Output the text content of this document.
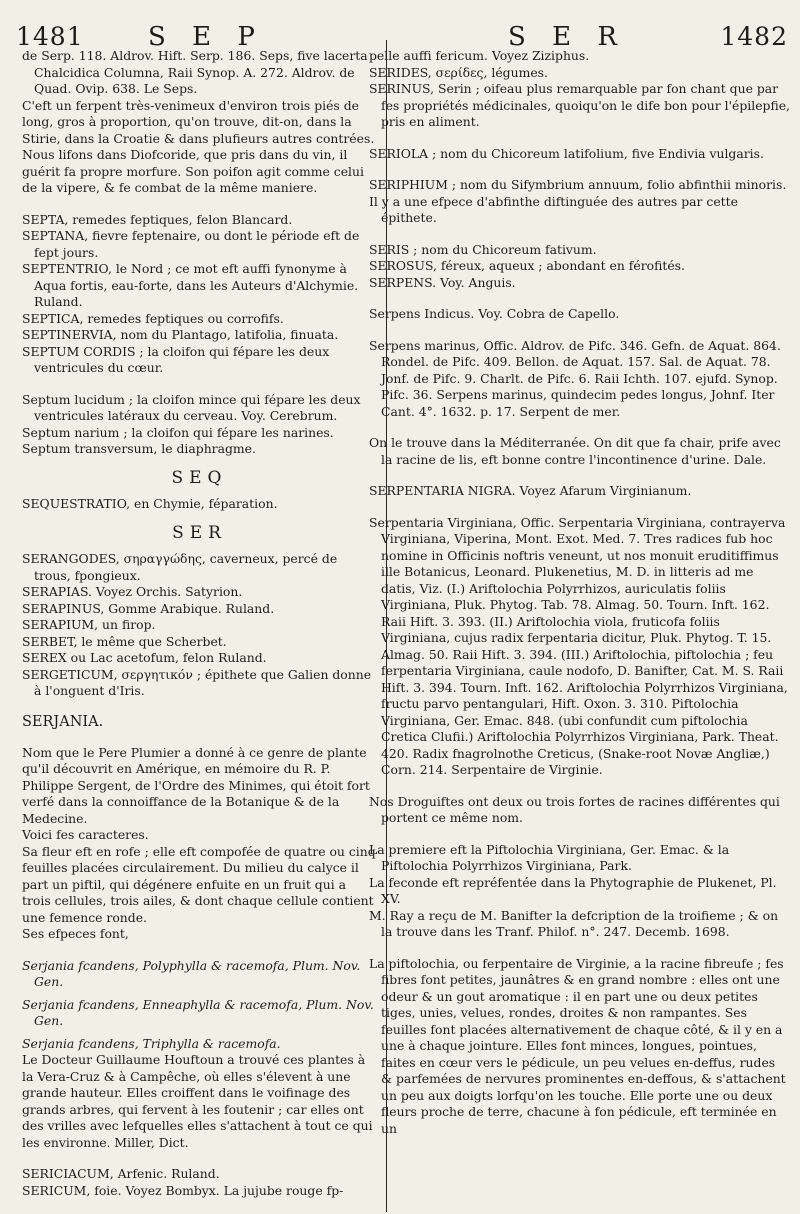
1481 S E P	S E R	1482

de Serp. 118. Aldrov. Hift. Serp. 186. Seps, five lacerta Chalcidica Columna, Raii Synop. A. 272. Aldrov. de Quad. Ovip. 638. Le Seps.

C'eft un ferpent très-venimeux d'environ trois piés de long, gros à proportion, qu'on trouve, dit-on, dans la Stirie, dans la Croatie & dans plufieurs autres contrées. Nous lifons dans Diofcoride, que pris dans du vin, il guérit fa propre morfure. Son poifon agit comme celui de la vipere, & fe combat de la même maniere.

SEPTA, remedes feptiques, felon Blancard.

SEPTANA, fievre feptenaire, ou dont le période eft de fept jours.

SEPTENTRIO, le Nord ; ce mot eft auffi fynonyme à Aqua fortis, eau-forte, dans les Auteurs d'Alchymie. Ruland.

SEPTICA, remedes feptiques ou corrofifs.

SEPTINERVIA, nom du Plantago, latifolia, finuata.

SEPTUM CORDIS ; la cloifon qui fépare les deux ventricules du cœur.

Septum lucidum ; la cloifon mince qui fépare les deux ventricules latéraux du cerveau. Voy. Cerebrum.

Septum narium ; la cloifon qui fépare les narines.

Septum transversum, le diaphragme.

SEQ

SEQUESTRATIO, en Chymie, féparation.

SER

SERANGODES, σηραγγώδης, caverneux, percé de trous, fpongieux.

SERAPIAS. Voyez Orchis. Satyrion.

SERAPINUS, Gomme Arabique. Ruland.

SERAPIUM, un firop.

SERBET, le même que Scherbet.

SEREX ou Lac acetofum, felon Ruland.

SERGETICUM, σεργητικόν ; épithete que Galien donne à l'onguent d'Iris.

SERJANIA.

Nom que le Pere Plumier a donné à ce genre de plante qu'il découvrit en Amérique, en mémoire du R. P. Philippe Sergent, de l'Ordre des Minimes, qui étoit fort verfé dans la connoiffance de la Botanique & de la Medecine.

Voici fes caracteres.

Sa fleur eft en rofe ; elle eft compofée de quatre ou cinq feuilles placées circulairement. Du milieu du calyce il part un piftil, qui dégénere enfuite en un fruit qui a trois cellules, trois ailes, & dont chaque cellule contient une femence ronde.

Ses efpeces font,

Serjania fcandens, Polyphylla & racemofa, Plum. Nov. Gen.

Serjania fcandens, Enneaphylla & racemofa, Plum. Nov. Gen.

Serjania fcandens, Triphylla & racemofa.

Le Docteur Guillaume Houftoun a trouvé ces plantes à la Vera-Cruz & à Campêche, où elles s'élevent à une grande hauteur. Elles croiffent dans le voifinage des grands arbres, qui fervent à les foutenir ; car elles ont des vrilles avec lefquelles elles s'attachent à tout ce qui les environne. Miller, Dict.

SERICIACUM, Arfenic. Ruland.

SERICUM, foie. Voyez Bombyx. La jujube rouge fp-

pelle auffi fericum. Voyez Ziziphus.

SERIDES, σερίδες, légumes.

SERINUS, Serin ; oifeau plus remarquable par fon chant que par fes propriétés médicinales, quoiqu'on le dife bon pour l'épilepfie, pris en aliment.

SERIOLA ; nom du Chicoreum latifolium, five Endivia vulgaris.

SERIPHIUM ; nom du Sifymbrium annuum, folio abfinthii minoris.

Il y a une efpece d'abfinthe diftinguée des autres par cette épithete.

SERIS ; nom du Chicoreum fativum.

SEROSUS, féreux, aqueux ; abondant en férofités.

SERPENS. Voy. Anguis.

Serpens Indicus. Voy. Cobra de Capello.

Serpens marinus, Offic. Aldrov. de Pifc. 346. Gefn. de Aquat. 864. Rondel. de Pifc. 409. Bellon. de Aquat. 157. Sal. de Aquat. 78. Jonf. de Pifc. 9. Charlt. de Pifc. 6. Raii Ichth. 107. ejufd. Synop. Pifc. 36. Serpens marinus, quindecim pedes longus, Johnf. Iter Cant. 4°. 1632. p. 17. Serpent de mer.

On le trouve dans la Méditerranée. On dit que fa chair, prife avec la racine de lis, eft bonne contre l'incontinence d'urine. Dale.

SERPENTARIA NIGRA. Voyez Afarum Virginianum.

Serpentaria Virginiana, Offic. Serpentaria Virginiana, contrayerva Virginiana, Viperina, Mont. Exot. Med. 7. Tres radices fub hoc nomine in Officinis noftris veneunt, ut nos monuit eruditiffimus ille Botanicus, Leonard. Plukenetius, M. D. in litteris ad me datis, Viz. (I.) Ariftolochia Polyrrhizos, auriculatis foliis Virginiana, Pluk. Phytog. Tab. 78. Almag. 50. Tourn. Inft. 162. Raii Hift. 3. 393. (II.) Ariftolochia viola, fruticofa foliis Virginiana, cujus radix ferpentaria dicitur, Pluk. Phytog. T. 15. Almag. 50. Raii Hift. 3. 394. (III.) Ariftolochia, piftolochia ; feu ferpentaria Virginiana, caule nodofo, D. Banifter, Cat. M. S. Raii Hift. 3. 394. Tourn. Inft. 162. Ariftolochia Polyrrhizos Virginiana, fructu parvo pentangulari, Hift. Oxon. 3. 310. Piftolochia Virginiana, Ger. Emac. 848. (ubi confundit cum piftolochia Cretica Clufii.) Ariftolochia Polyrrhizos Virginiana, Park. Theat. 420. Radix fnagrolnothe Creticus, (Snake-root Novæ Angliæ,) Corn. 214. Serpentaire de Virginie.

Nos Droguiftes ont deux ou trois fortes de racines différentes qui portent ce même nom.

La premiere eft la Piftolochia Virginiana, Ger. Emac. & la Piftolochia Polyrrhizos Virginiana, Park.

La feconde eft repréfentée dans la Phytographie de Plukenet, Pl. XV.

M. Ray a reçu de M. Banifter la defcription de la troifieme ; & on la trouve dans les Tranf. Philof. n°. 247. Decemb. 1698.

La piftolochia, ou ferpentaire de Virginie, a la racine fibreufe ; fes fibres font petites, jaunâtres & en grand nombre : elles ont une odeur & un gout aromatique : il en part une ou deux petites tiges, unies, velues, rondes, droites & non rampantes. Ses feuilles font placées alternativement de chaque côté, & il y en a une à chaque jointure. Elles font minces, longues, pointues, faites en cœur vers le pédicule, un peu velues en-deffus, rudes & parfemées de nervures prominentes en-deffous, & s'attachent un peu aux doigts lorfqu'on les touche. Elle porte une ou deux fleurs proche de terre, chacune à fon pédicule, eft terminée en un
